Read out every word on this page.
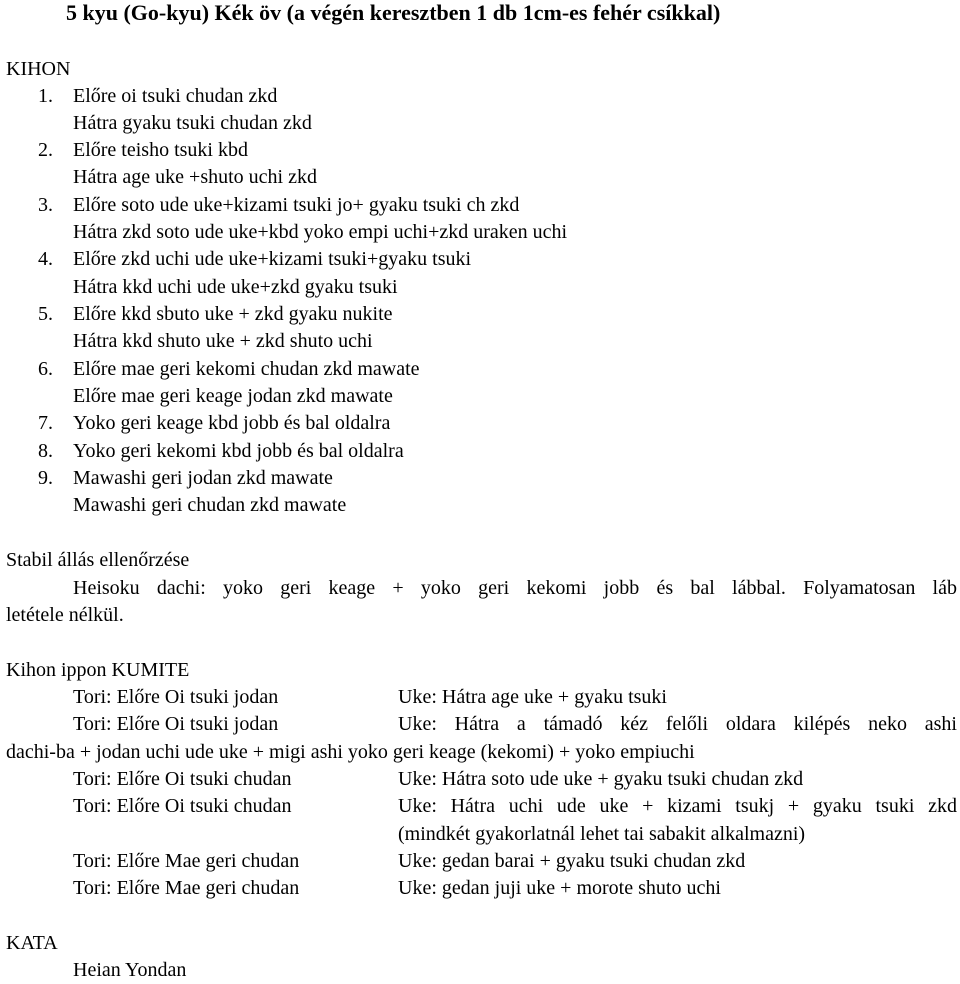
5 kyu (Go-kyu) Kék öv (a végén keresztben 1 db 1cm-es fehér csíkkal)
KIHON
1. Előre oi tsuki chudan zkd
Hátra gyaku tsuki chudan zkd
2. Előre teisho tsuki kbd
Hátra age uke +shuto uchi zkd
3. Előre soto ude uke+kizami tsuki jo+ gyaku tsuki ch zkd
Hátra zkd soto ude uke+kbd yoko empi uchi+zkd uraken uchi
4. Előre zkd uchi ude uke+kizami tsuki+gyaku tsuki
Hátra kkd uchi ude uke+zkd gyaku tsuki
5. Előre kkd sbuto uke + zkd gyaku nukite
Hátra kkd shuto uke + zkd shuto uchi
6. Előre mae geri kekomi chudan zkd mawate
Előre mae geri keage jodan zkd mawate
7. Yoko geri keage kbd jobb és bal oldalra
8. Yoko geri kekomi kbd jobb és bal oldalra
9. Mawashi geri jodan zkd mawate
Mawashi geri chudan zkd mawate
Stabil állás ellenőrzése
Heisoku dachi: yoko geri keage + yoko geri kekomi jobb és bal lábbal. Folyamatosan láb
letétele nélkül.
Kihon ippon KUMITE
Tori: Előre Oi tsuki jodan	Uke: Hátra age uke + gyaku tsuki
Tori: Előre Oi tsuki jodan	Uke: Hátra a támadó kéz felőli oldara kilépés neko ashi
dachi-ba + jodan uchi ude uke + migi ashi yoko geri keage (kekomi) + yoko empiuchi
Tori: Előre Oi tsuki chudan	Uke: Hátra soto ude uke + gyaku tsuki chudan zkd
Tori: Előre Oi tsuki chudan	Uke: Hátra uchi ude uke + kizami tsukj + gyaku tsuki zkd
(mindkét gyakorlatnál lehet tai sabakit alkalmazni)
Tori: Előre Mae geri chudan	Uke: gedan barai + gyaku tsuki chudan zkd
Tori: Előre Mae geri chudan	Uke: gedan juji uke + morote shuto uchi
KATA
Heian Yondan
